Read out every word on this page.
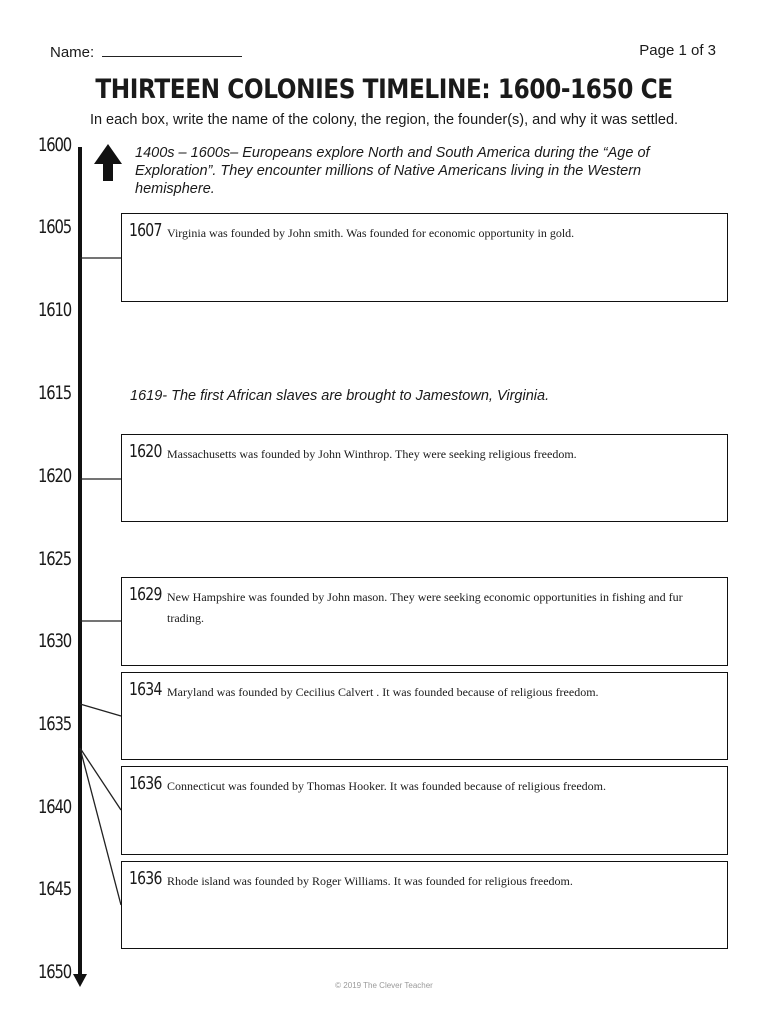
Name:	Page 1 of 3
THIRTEEN COLONIES TIMELINE: 1600-1650 CE
In each box, write the name of the colony, the region, the founder(s), and why it was settled.
1600
1605
1610
1615
1620
1625
1630
1635
1640
1645
1650
1400s – 1600s– Europeans explore North and South America during the “Age of Exploration”. They encounter millions of Native Americans living in the Western hemisphere.
1619- The first African slaves are brought to Jamestown, Virginia.
1607 Virginia was founded by John smith. Was founded for economic opportunity in gold.
1620 Massachusetts was founded by John Winthrop. They were seeking religious freedom.
1629 New Hampshire was founded by John mason. They were seeking economic opportunities in fishing and fur trading.
1634 Maryland was founded by Cecilius Calvert . It was founded because of religious freedom.
1636 Connecticut was founded by Thomas Hooker. It was founded because of religious freedom.
1636 Rhode island was founded by Roger Williams. It was founded for religious freedom.
© 2019 The Clever Teacher
